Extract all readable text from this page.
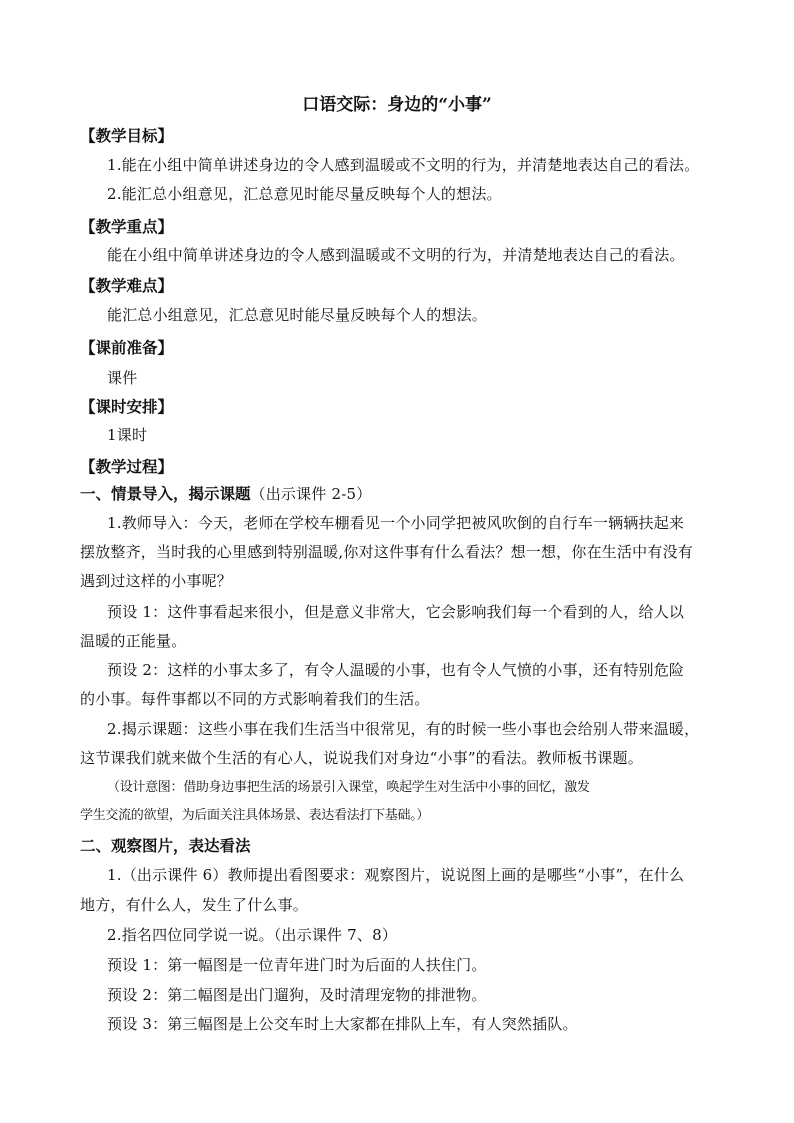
口语交际：身边的“小事”
【教学目标】
1.能在小组中简单讲述身边的令人感到温暖或不文明的行为，并清楚地表达自己的看法。
2.能汇总小组意见，汇总意见时能尽量反映每个人的想法。
【教学重点】
能在小组中简单讲述身边的令人感到温暖或不文明的行为，并清楚地表达自己的看法。
【教学难点】
能汇总小组意见，汇总意见时能尽量反映每个人的想法。
【课前准备】
课件
【课时安排】
1课时
【教学过程】
一、情景导入，揭示课题（出示课件 2-5）
1.教师导入：今天，老师在学校车棚看见一个小同学把被风吹倒的自行车一辆辆扶起来
摆放整齐，当时我的心里感到特别温暖,你对这件事有什么看法？想一想，你在生活中有没有
遇到过这样的小事呢？
预设 1：这件事看起来很小，但是意义非常大，它会影响我们每一个看到的人，给人以
温暖的正能量。
预设 2：这样的小事太多了，有令人温暖的小事，也有令人气愤的小事，还有特别危险
的小事。每件事都以不同的方式影响着我们的生活。
2.揭示课题：这些小事在我们生活当中很常见，有的时候一些小事也会给别人带来温暖，
这节课我们就来做个生活的有心人，说说我们对身边“小事”的看法。教师板书课题。
（设计意图：借助身边事把生活的场景引入课堂，唤起学生对生活中小事的回忆，激发
学生交流的欲望，为后面关注具体场景、表达看法打下基础。）
二、观察图片，表达看法
1.（出示课件 6）教师提出看图要求：观察图片，说说图上画的是哪些“小事”，在什么
地方，有什么人，发生了什么事。
2.指名四位同学说一说。（出示课件 7、8）
预设 1：第一幅图是一位青年进门时为后面的人扶住门。
预设 2：第二幅图是出门遛狗，及时清理宠物的排泄物。
预设 3：第三幅图是上公交车时上大家都在排队上车，有人突然插队。
